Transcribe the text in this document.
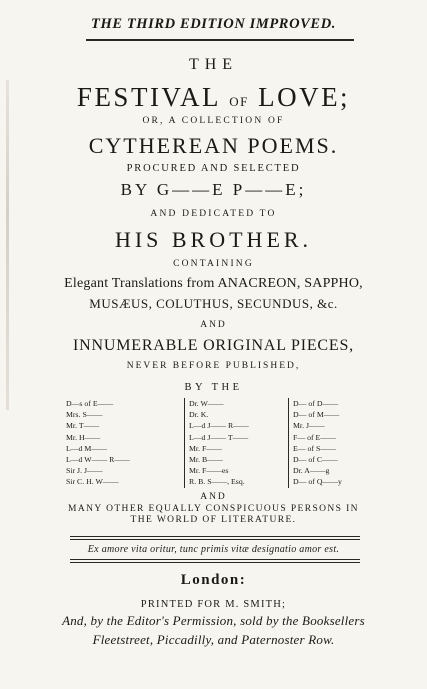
THE THIRD EDITION IMPROVED.
THE
FESTIVAL OF LOVE;
OR, A COLLECTION OF
CYTHEREAN POEMS.
PROCURED AND SELECTED
BY G——E P——E;
AND DEDICATED TO
HIS BROTHER.
CONTAINING
Elegant Translations from ANACREON, SAPPHO,
MUSÆUS, COLUTHUS, SECUNDUS, &c.
AND
INNUMERABLE ORIGINAL PIECES,
NEVER BEFORE PUBLISHED,
BY THE
D—s of E——
Mrs. S——
Mr. T——
Mr. H——
L—d M——
L—d W—— R——
Sir J. J——
Sir C. H. W——
Dr. W——
Dr. K.
L—d J—— R——
L—d J—— T——
Mr. F——
Mr. B——
Mr. F——es
R. B. S——, Esq.
D— of D——
D— of M——
Mr. J——
F— of E——
E— of S——
D— of C——
Dr. A——g
D— of Q——y
AND
MANY OTHER EQUALLY CONSPICUOUS PERSONS IN
THE WORLD OF LITERATURE.
Ex amore vita oritur, tunc primis vitæ designatio amor est.
London:
PRINTED FOR M. SMITH;
And, by the Editor's Permission, sold by the Booksellers
Fleetstreet, Piccadilly, and Paternoster Row.
